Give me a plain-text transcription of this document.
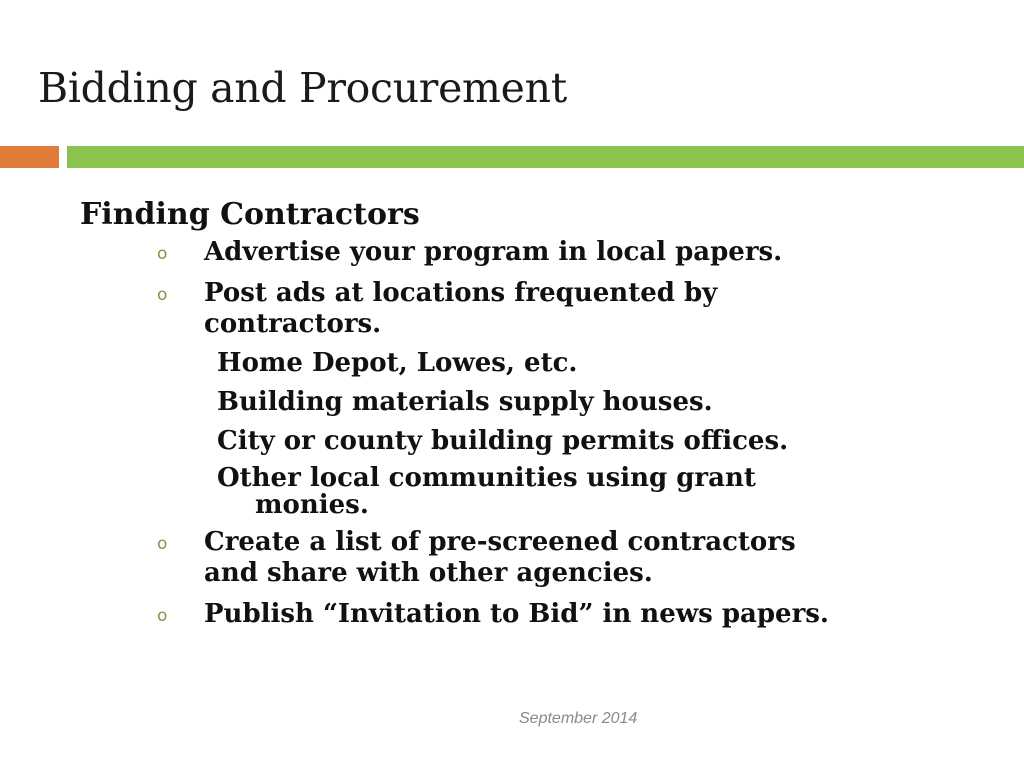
Bidding and Procurement
Finding Contractors
o Advertise your program in local papers.
o Post ads at locations frequented by
contractors.
Home Depot, Lowes, etc.
Building materials supply houses.
City or county building permits offices.
Other local communities using grant
monies.
o Create a list of pre-screened contractors
and share with other agencies.
o Publish “Invitation to Bid” in news papers.
September 2014
